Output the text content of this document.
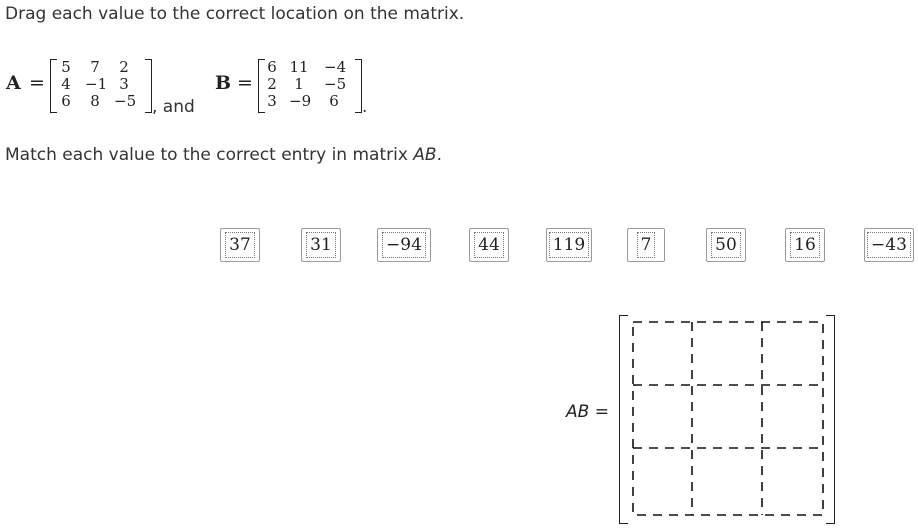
Drag each value to the correct location on the matrix.
A =
5	7	2
4 −1 3
6	8 −5 , and
B =
6 11 −4
2	1	−5
3 −9	6	.
Match each value to the correct entry in matrix AB.
37	31	−94	44	119	7	50	16	−43
AB =
